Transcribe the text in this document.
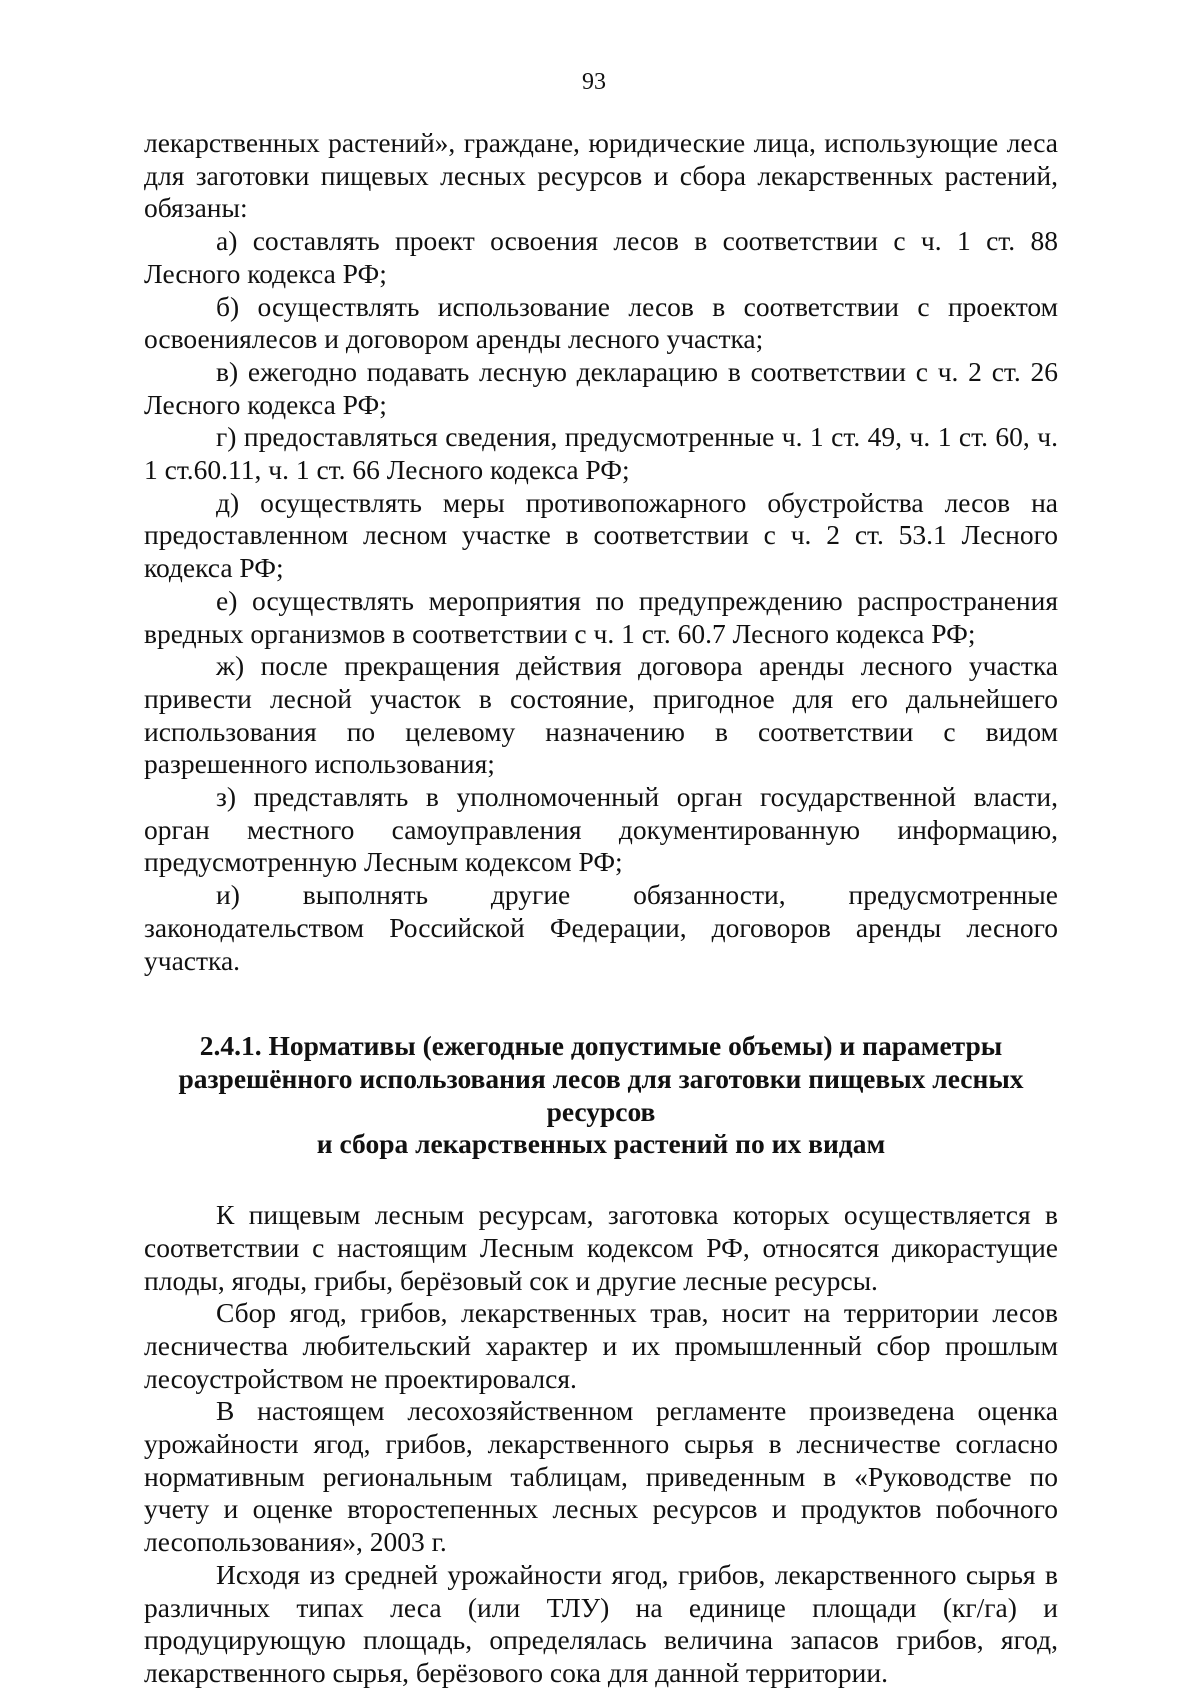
93

лекарственных растений», граждане, юридические лица, использующие леса для заготовки пищевых лесных ресурсов и сбора лекарственных растений, обязаны:

а) составлять проект освоения лесов в соответствии с ч. 1 ст. 88 Лесного кодекса РФ;

б) осуществлять использование лесов в соответствии с проектом освоениялесов и договором аренды лесного участка;

в) ежегодно подавать лесную декларацию в соответствии с ч. 2 ст. 26 Лесного кодекса РФ;

г) предоставляться сведения, предусмотренные ч. 1 ст. 49, ч. 1 ст. 60, ч. 1 ст.60.11, ч. 1 ст. 66 Лесного кодекса РФ;

д) осуществлять меры противопожарного обустройства лесов на предоставленном лесном участке в соответствии с ч. 2 ст. 53.1 Лесного кодекса РФ;

е) осуществлять мероприятия по предупреждению распространения вредных организмов в соответствии с ч. 1 ст. 60.7 Лесного кодекса РФ;

ж) после прекращения действия договора аренды лесного участка привести лесной участок в состояние, пригодное для его дальнейшего использования по целевому назначению в соответствии с видом разрешенного использования;

з) представлять в уполномоченный орган государственной власти, орган местного самоуправления документированную информацию, предусмотренную Лесным кодексом РФ;

и) выполнять другие обязанности, предусмотренные законодательством Российской Федерации, договоров аренды лесного участка.

2.4.1. Нормативы (ежегодные допустимые объемы) и параметры
разрешённого использования лесов для заготовки пищевых лесных ресурсов
и сбора лекарственных растений по их видам

К пищевым лесным ресурсам, заготовка которых осуществляется в соответствии с настоящим Лесным кодексом РФ, относятся дикорастущие плоды, ягоды, грибы, берёзовый сок и другие лесные ресурсы.

Сбор ягод, грибов, лекарственных трав, носит на территории лесов лесничества любительский характер и их промышленный сбор прошлым лесоустройством не проектировался.

В настоящем лесохозяйственном регламенте произведена оценка урожайности ягод, грибов, лекарственного сырья в лесничестве согласно нормативным региональным таблицам, приведенным в «Руководстве по учету и оценке второстепенных лесных ресурсов и продуктов побочного лесопользования», 2003 г.

Исходя из средней урожайности ягод, грибов, лекарственного сырья в различных типах леса (или ТЛУ) на единице площади (кг/га) и продуцирующую площадь, определялась величина запасов грибов, ягод, лекарственного сырья, берёзового сока для данной территории.
